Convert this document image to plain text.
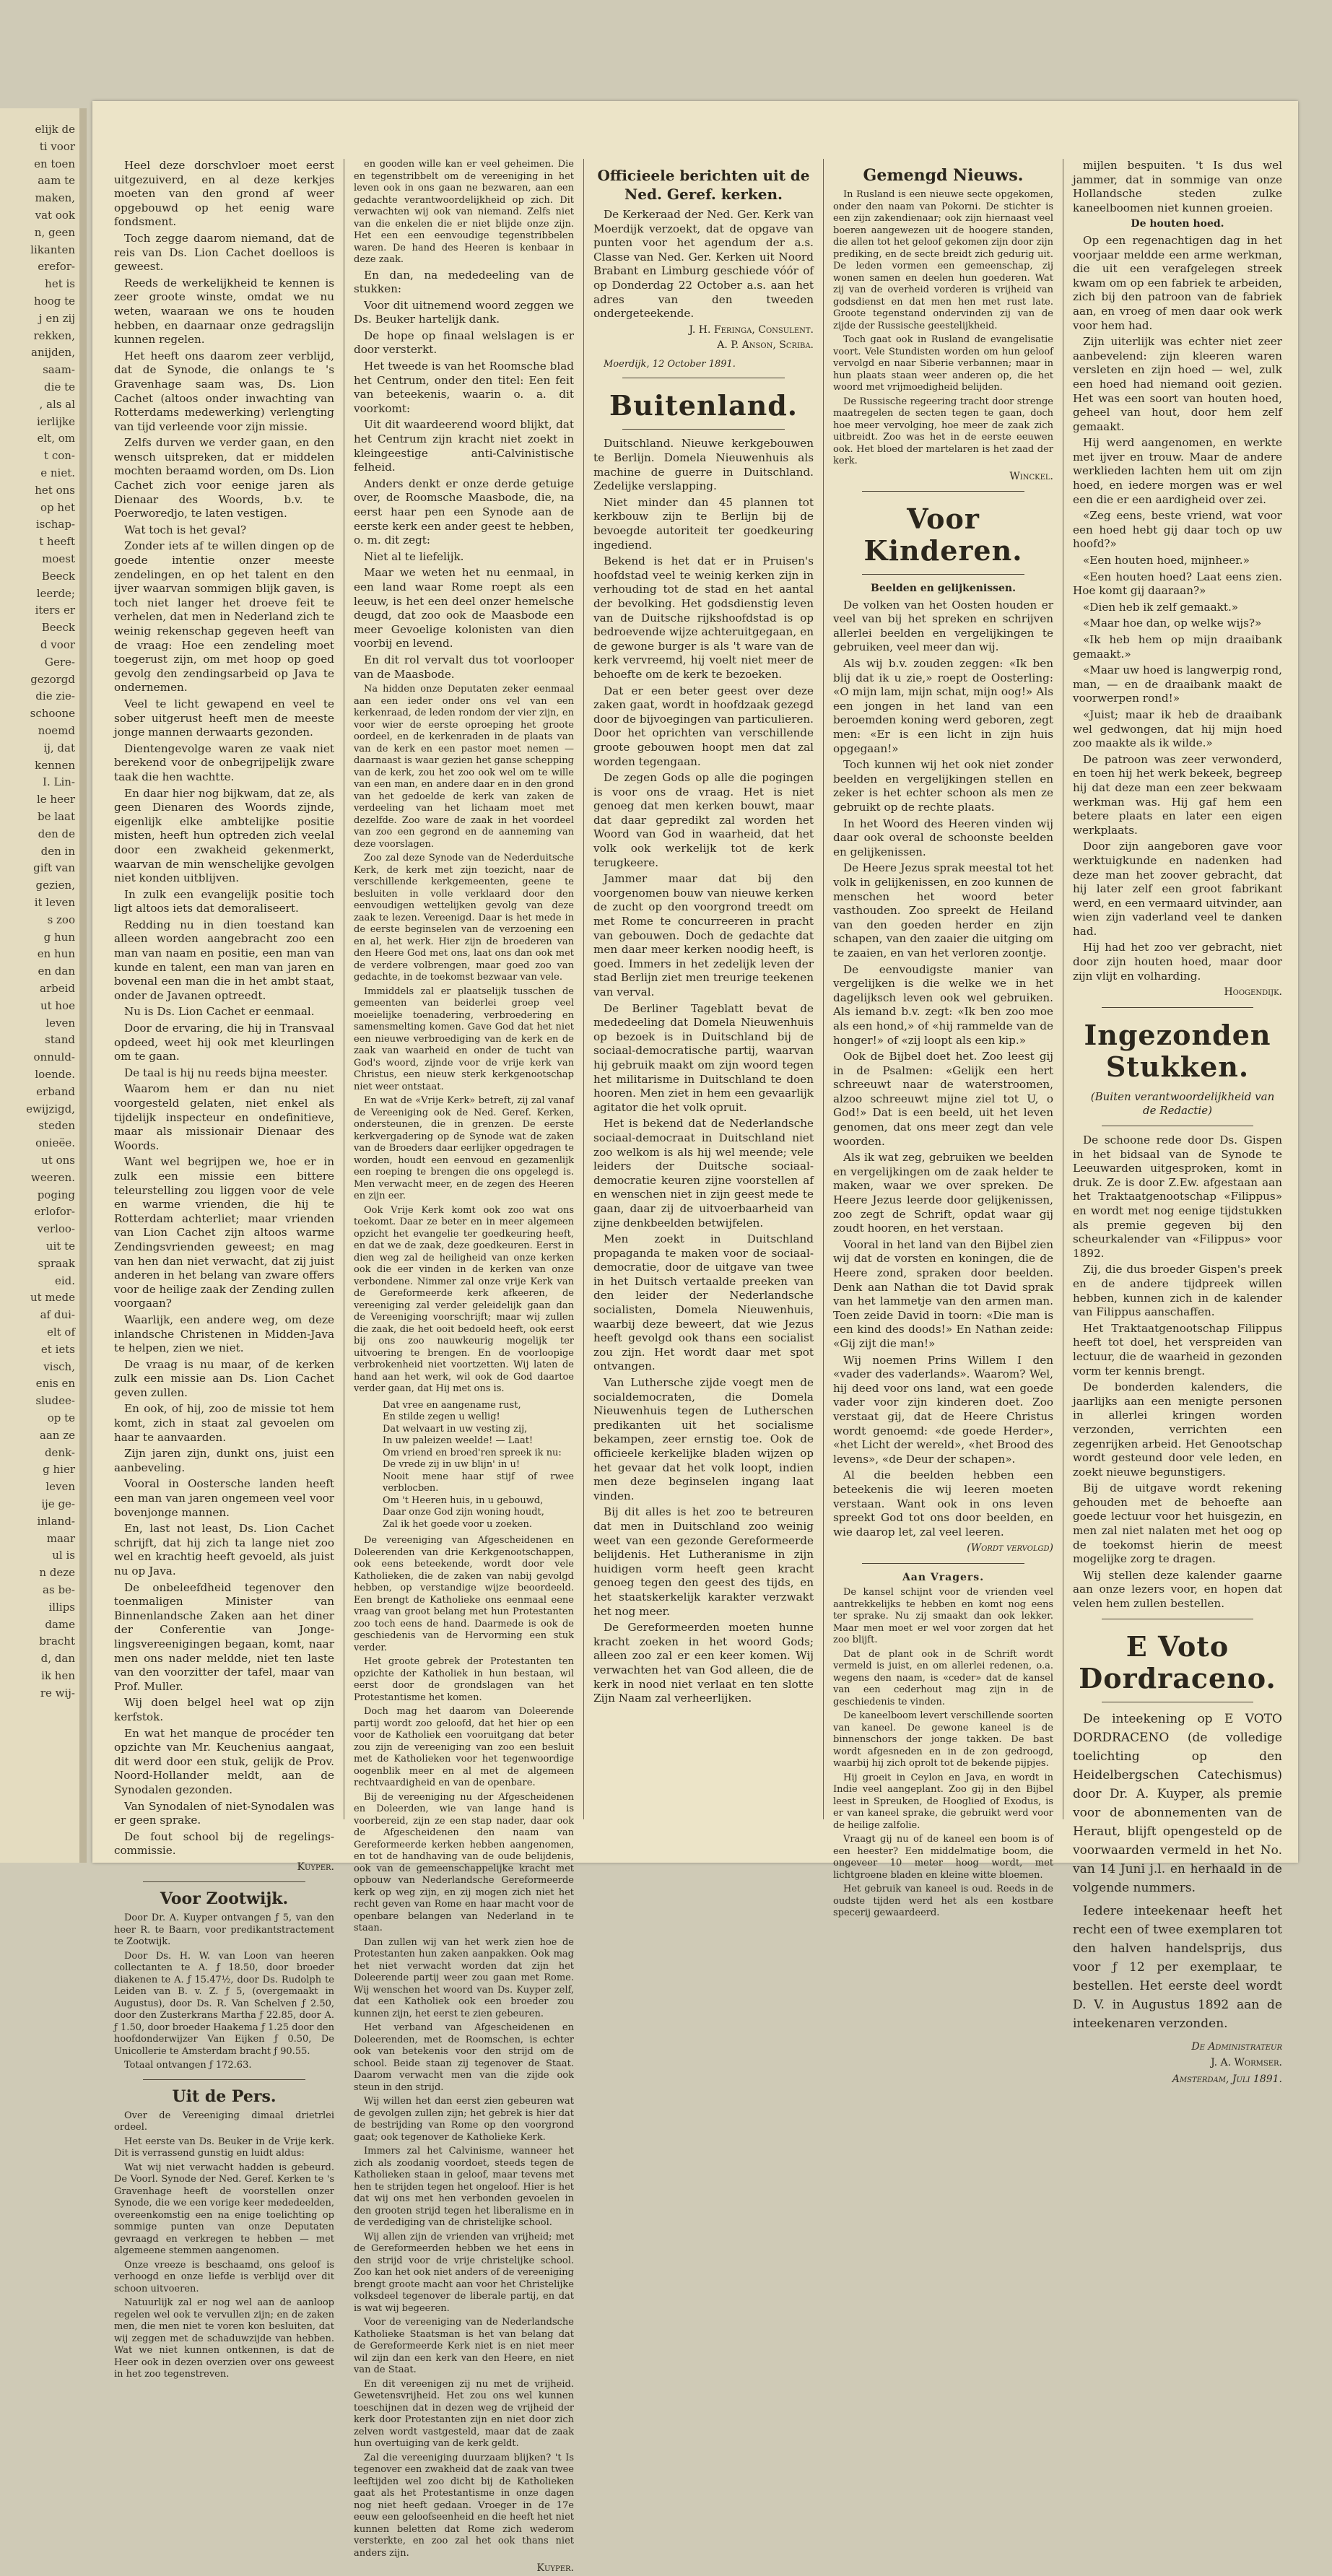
elijk de
ti voor
en toen
aam te
maken,
vat ook
n, geen
likanten
erefor-
het is
hoog te
j en zij
rekken,
anijden,
saam-
die te
, als al
ierlijke
elt, om
t con-
e niet.
het ons
op het
ischap-
t heeft
moest
Beeck
leerde;
iters er
Beeck
d voor
Gere-
gezorgd
die zie-
schoone
noemd
ij, dat
kennen
I. Lin-
le heer
be laat
den de
den in
gift van
gezien,
it leven
s zoo
g hun
en hun
en dan
arbeid
ut hoe
leven
stand
onnuld-
loende.
erband
ewijzigd,
steden
onieëe.
ut ons
weeren.
poging
erlofor-
verloo-
uit te
spraak
eid.
ut mede
af dui-
elt of
et iets
visch,
enis en
sludee-
op te
aan ze
denk-
g hier
leven
ije ge-
inland-
maar
ul is
n deze
as be-
illips
dame
bracht
d, dan
ik hen
re wij-

Heel deze dorschvloer moet eerst uitgezuiverd, en al deze kerkjes moeten van den grond af weer opgebouwd op het eenig ware fondsment.

Toch zegge daarom niemand, dat de reis van Ds. Lion Cachet doelloos is geweest.

Reeds de werkelijkheid te kennen is zeer groote winste, omdat we nu weten, waaraan we ons te houden hebben, en daarnaar onze gedragslijn kunnen regelen.

Het heeft ons daarom zeer verblijd, dat de Synode, die onlangs te 's Gravenhage saam was, Ds. Lion Cachet (altoos onder inwachting van Rotterdams medewerking) verlengting van tijd verleende voor zijn missie.

Zelfs durven we verder gaan, en den wensch uitspreken, dat er middelen mochten beraamd worden, om Ds. Lion Cachet zich voor eenige jaren als Dienaar des Woords, b.v. te Poerworedjo, te laten vestigen.

Wat toch is het geval?

Zonder iets af te willen dingen op de goede intentie onzer meeste zendelingen, en op het talent en den ijver waarvan sommigen blijk gaven, is toch niet langer het droeve feit te verhelen, dat men in Nederland zich te weinig rekenschap gegeven heeft van de vraag: Hoe een zendeling moet toegerust zijn, om met hoop op goed gevolg den zendingsarbeid op Java te ondernemen.

Veel te licht gewapend en veel te sober uitgerust heeft men de meeste jonge mannen derwaarts gezonden.

Dientengevolge waren ze vaak niet berekend voor de onbegrijpelijk zware taak die hen wachtte.

En daar hier nog bijkwam, dat ze, als geen Dienaren des Woords zijnde, eigenlijk elke ambtelijke positie misten, heeft hun optreden zich veelal door een zwakheid gekenmerkt, waarvan de min wenschelijke gevolgen niet konden uitblijven.

In zulk een evangelijk positie toch ligt altoos iets dat demoraliseert.

Redding nu in dien toestand kan alleen worden aangebracht zoo een man van naam en positie, een man van kunde en talent, een man van jaren en bovenal een man die in het ambt staat, onder de Javanen optreedt.

Nu is Ds. Lion Cachet er eenmaal.

Door de ervaring, die hij in Transvaal opdeed, weet hij ook met kleurlingen om te gaan.

De taal is hij nu reeds bijna meester.

Waarom hem er dan nu niet voorgesteld gelaten, niet enkel als tijdelijk inspecteur en ondefinitieve, maar als missionair Dienaar des Woords.

Want wel begrijpen we, hoe er in zulk een missie een bittere teleurstelling zou liggen voor de vele en warme vrienden, die hij te Rotterdam achterliet; maar vrienden van Lion Cachet zijn altoos warme Zendingsvrienden geweest; en mag van hen dan niet verwacht, dat zij juist anderen in het belang van zware offers voor de heilige zaak der Zending zullen voorgaan?

Waarlijk, een andere weg, om deze inlandsche Christenen in Midden-Java te helpen, zien we niet.

De vraag is nu maar, of de kerken zulk een missie aan Ds. Lion Cachet geven zullen.

En ook, of hij, zoo de missie tot hem komt, zich in staat zal gevoelen om haar te aanvaarden.

Zijn jaren zijn, dunkt ons, juist een aanbeveling.

Vooral in Oostersche landen heeft een man van jaren ongemeen veel voor bovenjonge mannen.

En, last not least, Ds. Lion Cachet schrijft, dat hij zich ta lange niet zoo wel en krachtig heeft gevoeld, als juist nu op Java.

De onbeleefdheid tegenover den toenmaligen Minister van Binnenlandsche Zaken aan het diner der Conferentie van Jonge-lingsvereenigingen begaan, komt, naar men ons nader meldde, niet ten laste van den voorzitter der tafel, maar van Prof. Muller.

Wij doen belgel heel wat op zijn kerfstok.

En wat het manque de procéder ten opzichte van Mr. Keuchenius aangaat, dit werd door een stuk, gelijk de Prov. Noord-Hollander meldt, aan de Synodalen gezonden.

Van Synodalen of niet-Synodalen was er geen sprake.

De fout school bij de regelings-commissie.

Kuyper.
Voor Zootwijk.

Door Dr. A. Kuyper ontvangen ƒ 5, van den heer R. te Baarn, voor predikantstractement te Zootwijk.

Door Ds. H. W. van Loon van heeren collectanten te A. ƒ 18.50, door broeder diakenen te A. ƒ 15.47½, door Ds. Rudolph te Leiden van B. v. Z. ƒ 5, (overgemaakt in Augustus), door Ds. R. Van Schelven ƒ 2.50, door den Zusterkrans Martha ƒ 22.85, door A. ƒ 1.50, door broeder Haakema ƒ 1.25 door den hoofdonderwijzer Van Eijken ƒ 0.50, De Unicollerie te Amsterdam bracht ƒ 90.55.

Totaal ontvangen ƒ 172.63.

Uit de Pers.

Over de Vereeniging dimaal drietrlei ordeel.

Het eerste van Ds. Beuker in de Vrije kerk. Dit is verrassend gunstig en luidt aldus:

Wat wij niet verwacht hadden is gebeurd. De Voorl. Synode der Ned. Geref. Kerken te 's Gravenhage heeft de voorstellen onzer Synode, die we een vorige keer mededeelden, overeenkomstig een na enige toelichting op sommige punten van onze Deputaten gevraagd en verkregen te hebben — met algemeene stemmen aangenomen.

Onze vreeze is beschaamd, ons geloof is verhoogd en onze liefde is verblijd over dit schoon uitvoeren.

Natuurlijk zal er nog wel aan de aanloop regelen wel ook te vervullen zijn; en de zaken men, die men niet te voren kon besluiten, dat wij zeggen met de schaduwzijde van hebben. Wat we niet kunnen ontkennen, is dat de Heer ook in dezen overzien over ons geweest in het zoo tegenstreven.

en gooden wille kan er veel geheimen. Die en tegenstribbelt om de vereeniging in het leven ook in ons gaan ne bezwaren, aan een gedachte verantwoordelijkheid op zich. Dit verwachten wij ook van niemand. Zelfs niet van die enkelen die er niet blijde onze zijn. Het een een eenvoudige tegenstribbelen waren. De hand des Heeren is kenbaar in deze zaak.

En dan, na mededeeling van de stukken:

Voor dit uitnemend woord zeggen we Ds. Beuker hartelijk dank.

De hope op finaal welslagen is er door versterkt.

Het tweede is van het Roomsche blad het Centrum, onder den titel: Een feit van beteekenis, waarin o. a. dit voorkomt:

Uit dit waardeerend woord blijkt, dat het Centrum zijn kracht niet zoekt in kleingeestige anti-Calvinistische felheid.

Anders denkt er onze derde getuige over, de Roomsche Maasbode, die, na eerst haar pen een Synode aan de eerste kerk een ander geest te hebben, o. m. dit zegt:

Niet al te liefelijk.

Maar we weten het nu eenmaal, in een land waar Rome roept als een leeuw, is het een deel onzer hemelsche deugd, dat zoo ook de Maasbode een meer Gevoelige kolonisten van dien voorbij en levend.

En dit rol vervalt dus tot voorlooper van de Maasbode.

Na hidden onze Deputaten zeker eenmaal aan een ieder onder ons vel van een kerkenraad, de leden rondom der vier zijn, en voor wier de eerste oproeping het groote oordeel, en de kerkenraden in de plaats van van de kerk en een pastor moet nemen — daarnaast is waar gezien het ganse schepping van de kerk, zou het zoo ook wel om te wille van een man, en andere daar en in den grond van het gedoelde de kerk van zaken de verdeeling van het lichaam moet met dezelfde. Zoo ware de zaak in het voordeel van zoo een gegrond en de aanneming van deze voorslagen.

Zoo zal deze Synode van de Nederduitsche Kerk, de kerk met zijn toezicht, naar de verschillende kerkgemeenten, geene te besluiten in volle verklaard door den eenvoudigen wettelijken gevolg van deze zaak te lezen. Vereenigd. Daar is het mede in de eerste beginselen van de verzoening een en al, het werk. Hier zijn de broederen van den Heere God met ons, laat ons dan ook met de verdere volbrengen, maar goed zoo van gedachte, in de toekomst bezwaar van vele.

Immiddels zal er plaatselijk tusschen de gemeenten van beiderlei groep veel moeielijke toenadering, verbroedering en samensmelting komen. Gave God dat het niet een nieuwe verbroediging van de kerk en de zaak van waarheid en onder de tucht van God's woord, zijnde voor de vrije kerk van Christus, een nieuw sterk kerkgenootschap niet weer ontstaat.

En wat de «Vrije Kerk» betreft, zij zal vanaf de Vereeniging ook de Ned. Geref. Kerken, ondersteunen, die in grenzen. De eerste kerkvergadering op de Synode wat de zaken van de Broeders daar eerlijker opgedragen te worden, houdt een eenvoud en gezamenlijk een roeping te brengen die ons opgelegd is. Men verwacht meer, en de zegen des Heeren en zijn eer.

Ook Vrije Kerk komt ook zoo wat ons toekomt. Daar ze beter en in meer algemeen opzicht het evangelie ter goedkeuring heeft, en dat we de zaak, deze goedkeuren. Eerst in dien weg zal de heiligheid van onze kerken ook die eer vinden in de kerken van onze verbondene. Nimmer zal onze vrije Kerk van de Gereformeerde kerk afkeeren, de vereeniging zal verder geleidelijk gaan dan de Vereeniging voorschrijft; maar wij zullen die zaak, die het ooit bedoeld heeft, ook eerst bij ons zoo nauwkeurig mogelijk ter uitvoering te brengen. En de voorloopige verbrokenheid niet voortzetten. Wij laten de hand aan het werk, wil ook de God daartoe verder gaan, dat Hij met ons is.

Dat vree en aangename rust,

En stilde zegen u wellig!

Dat welvaart in uw vesting zij,

In uw paleizen weelde! — Laat!

Om vriend en broed'ren spreek ik nu:

De vrede zij in uw blijn' in u!

Nooit mene haar stijf of rwee verblocben.

Om 't Heeren huis, in u gebouwd,

Daar onze God zijn woning houdt,

Zal ik het goede voor u zoeken.

De vereeniging van Afgescheidenen en Doleerenden van drie Kerkgenootschappen, ook eens beteekende, wordt door vele Katholieken, die de zaken van nabij gevolgd hebben, op verstandige wijze beoordeeld. Een brengt de Katholieke ons eenmaal eene vraag van groot belang met hun Protestanten zoo toch eens de hand. Daarmede is ook de geschiedenis van de Hervorming een stuk verder.

Het groote gebrek der Protestanten ten opzichte der Katholiek in hun bestaan, wil eerst door de grondslagen van het Protestantisme het komen.

Doch mag het daarom van Doleerende partij wordt zoo geloofd, dat het hier op een voor de Katholiek een vooruitgang dat beter zou zijn de vereeniging van zoo een besluit met de Katholieken voor het tegenwoordige oogenblik meer en al met de algemeen rechtvaardigheid en van de openbare.

Bij de vereeniging nu der Afgescheidenen en Doleerden, wie van lange hand is voorbereid, zijn ze een stap nader, daar ook de Afgescheidenen den naam van Gereformeerde kerken hebben aangenomen, en tot de handhaving van de oude belijdenis, ook van de gemeenschappelijke kracht met opbouw van Nederlandsche Gereformeerde kerk op weg zijn, en zij mogen zich niet het recht geven van Rome en haar macht voor de openbare belangen van Nederland in te staan.

Dan zullen wij van het werk zien hoe de Protestanten hun zaken aanpakken. Ook mag het niet verwacht worden dat zijn het Doleerende partij weer zou gaan met Rome. Wij wenschen het woord van Ds. Kuyper zelf, dat een Katholiek ook een broeder zou kunnen zijn, het eerst te zien gebeuren.

Het verband van Afgescheidenen en Doleerenden, met de Roomschen, is echter ook van betekenis voor den strijd om de school. Beide staan zij tegenover de Staat. Daarom verwacht men van die zijde ook steun in den strijd.

Wij willen het dan eerst zien gebeuren wat de gevolgen zullen zijn; het gebrek is hier dat de bestrijding van Rome op den voorgrond gaat; ook tegenover de Katholieke Kerk.

Immers zal het Calvinisme, wanneer het zich als zoodanig voordoet, steeds tegen de Katholieken staan in geloof, maar tevens met hen te strijden tegen het ongeloof. Hier is het dat wij ons met hen verbonden gevoelen in den grooten strijd tegen het liberalisme en in de verdediging van de christelijke school.

Wij allen zijn de vrienden van vrijheid; met de Gereformeerden hebben we het eens in den strijd voor de vrije christelijke school. Zoo kan het ook niet anders of de vereeniging brengt groote macht aan voor het Christelijke volksdeel tegenover de liberale partij, en dat is wat wij begeeren.

Voor de vereeniging van de Nederlandsche Katholieke Staatsman is het van belang dat de Gereformeerde Kerk niet is en niet meer wil zijn dan een kerk van den Heere, en niet van de Staat.

En dit vereenigen zij nu met de vrijheid. Gewetensvrijheid. Het zou ons wel kunnen toeschijnen dat in dezen weg de vrijheid der kerk door Protestanten zijn en niet door zich zelven wordt vastgesteld, maar dat de zaak hun overtuiging van de kerk geldt.

Zal die vereeniging duurzaam blijken? 't Is tegenover een zwakheid dat de zaak van twee leeftijden wel zoo dicht bij de Katholieken gaat als het Protestantisme in onze dagen nog niet heeft gedaan. Vroeger in de 17e eeuw een geloofseenheid en die heeft het niet kunnen beletten dat Rome zich wederom versterkte, en zoo zal het ook thans niet anders zijn.

Kuyper.
Officieele berichten uit de Ned. Geref. kerken.

De Kerkeraad der Ned. Ger. Kerk van Moerdijk verzoekt, dat de opgave van punten voor het agendum der a.s. Classe van Ned. Ger. Kerken uit Noord Brabant en Limburg geschiede vóór of op Donderdag 22 October a.s. aan het adres van den tweeden ondergeteekende.

J. H. Feringa, Consulent.
A. P. Anson, Scriba.

Moerdijk, 12 October 1891.

Buitenland.

Duitschland. Nieuwe kerkgebouwen te Berlijn. Domela Nieuwenhuis als machine de guerre in Duitschland. Zedelijke verslapping.

Niet minder dan 45 plannen tot kerkbouw zijn te Berlijn bij de bevoegde autoriteit ter goedkeuring ingediend.

Bekend is het dat er in Pruisen's hoofdstad veel te weinig kerken zijn in verhouding tot de stad en het aantal der bevolking. Het godsdienstig leven van de Duitsche rijkshoofdstad is op bedroevende wijze achteruitgegaan, en de gewone burger is als 't ware van de kerk vervreemd, hij voelt niet meer de behoefte om de kerk te bezoeken.

Dat er een beter geest over deze zaken gaat, wordt in hoofdzaak gezegd door de bijvoegingen van particulieren. Door het oprichten van verschillende groote gebouwen hoopt men dat zal worden tegengaan.

De zegen Gods op alle die pogingen is voor ons de vraag. Het is niet genoeg dat men kerken bouwt, maar dat daar gepredikt zal worden het Woord van God in waarheid, dat het volk ook werkelijk tot de kerk terugkeere.

Jammer maar dat bij den voorgenomen bouw van nieuwe kerken de zucht op den voorgrond treedt om met Rome te concurreeren in pracht van gebouwen. Doch de gedachte dat men daar meer kerken noodig heeft, is goed. Immers in het zedelijk leven der stad Berlijn ziet men treurige teekenen van verval.

De Berliner Tageblatt bevat de mededeeling dat Domela Nieuwenhuis op bezoek is in Duitschland bij de sociaal-democratische partij, waarvan hij gebruik maakt om zijn woord tegen het militarisme in Duitschland te doen hooren. Men ziet in hem een gevaarlijk agitator die het volk opruit.

Het is bekend dat de Nederlandsche sociaal-democraat in Duitschland niet zoo welkom is als hij wel meende; vele leiders der Duitsche sociaal-democratie keuren zijne voorstellen af en wenschen niet in zijn geest mede te gaan, daar zij de uitvoerbaarheid van zijne denkbeelden betwijfelen.

Men zoekt in Duitschland propaganda te maken voor de sociaal-democratie, door de uitgave van twee in het Duitsch vertaalde preeken van den leider der Nederlandsche socialisten, Domela Nieuwenhuis, waarbij deze beweert, dat wie Jezus heeft gevolgd ook thans een socialist zou zijn. Het wordt daar met spot ontvangen.

Van Luthersche zijde voegt men de socialdemocraten, die Domela Nieuwenhuis tegen de Lutherschen predikanten uit het socialisme bekampen, zeer ernstig toe. Ook de officieele kerkelijke bladen wijzen op het gevaar dat het volk loopt, indien men deze beginselen ingang laat vinden.

Bij dit alles is het zoo te betreuren dat men in Duitschland zoo weinig weet van een gezonde Gereformeerde belijdenis. Het Lutheranisme in zijn huidigen vorm heeft geen kracht genoeg tegen den geest des tijds, en het staatskerkelijk karakter verzwakt het nog meer.

De Gereformeerden moeten hunne kracht zoeken in het woord Gods; alleen zoo zal er een keer komen. Wij verwachten het van God alleen, die de kerk in nood niet verlaat en ten slotte Zijn Naam zal verheerlijken.

Gemengd Nieuws.

In Rusland is een nieuwe secte opgekomen, onder den naam van Pokorni. De stichter is een zijn zakendienaar; ook zijn hiernaast veel boeren aangewezen uit de hoogere standen, die allen tot het geloof gekomen zijn door zijn prediking, en de secte breidt zich gedurig uit. De leden vormen een gemeenschap, zij wonen samen en deelen hun goederen. Wat zij van de overheid vorderen is vrijheid van godsdienst en dat men hen met rust late. Groote tegenstand ondervinden zij van de zijde der Russische geestelijkheid.

Toch gaat ook in Rusland de evangelisatie voort. Vele Stundisten worden om hun geloof vervolgd en naar Siberie verbannen; maar in hun plaats staan weer anderen op, die het woord met vrijmoedigheid belijden.

De Russische regeering tracht door strenge maatregelen de secten tegen te gaan, doch hoe meer vervolging, hoe meer de zaak zich uitbreidt. Zoo was het in de eerste eeuwen ook. Het bloed der martelaren is het zaad der kerk.

Winckel.
Voor Kinderen.

Beelden en gelijkenissen.

De volken van het Oosten houden er veel van bij het spreken en schrijven allerlei beelden en vergelijkingen te gebruiken, veel meer dan wij.

Als wij b.v. zouden zeggen: «Ik ben blij dat ik u zie,» roept de Oosterling: «O mijn lam, mijn schat, mijn oog!» Als een jongen in het land van een beroemden koning werd geboren, zegt men: «Er is een licht in zijn huis opgegaan!»

Toch kunnen wij het ook niet zonder beelden en vergelijkingen stellen en zeker is het echter schoon als men ze gebruikt op de rechte plaats.

In het Woord des Heeren vinden wij daar ook overal de schoonste beelden en gelijkenissen.

De Heere Jezus sprak meestal tot het volk in gelijkenissen, en zoo kunnen de menschen het woord beter vasthouden. Zoo spreekt de Heiland van den goeden herder en zijn schapen, van den zaaier die uitging om te zaaien, en van het verloren zoontje.

De eenvoudigste manier van vergelijken is die welke we in het dagelijksch leven ook wel gebruiken. Als iemand b.v. zegt: «Ik ben zoo moe als een hond,» of «hij rammelde van de honger!» of «zij loopt als een kip.»

Ook de Bijbel doet het. Zoo leest gij in de Psalmen: «Gelijk een hert schreeuwt naar de waterstroomen, alzoo schreeuwt mijne ziel tot U, o God!» Dat is een beeld, uit het leven genomen, dat ons meer zegt dan vele woorden.

Als ik wat zeg, gebruiken we beelden en vergelijkingen om de zaak helder te maken, waar we over spreken. De Heere Jezus leerde door gelijkenissen, zoo zegt de Schrift, opdat waar gij zoudt hooren, en het verstaan.

Vooral in het land van den Bijbel zien wij dat de vorsten en koningen, die de Heere zond, spraken door beelden. Denk aan Nathan die tot David sprak van het lammetje van den armen man. Toen zeide David in toorn: «Die man is een kind des doods!» En Nathan zeide: «Gij zijt die man!»

Wij noemen Prins Willem I den «vader des vaderlands». Waarom? Wel, hij deed voor ons land, wat een goede vader voor zijn kinderen doet. Zoo verstaat gij, dat de Heere Christus wordt genoemd: «de goede Herder», «het Licht der wereld», «het Brood des levens», «de Deur der schapen».

Al die beelden hebben een beteekenis die wij leeren moeten verstaan. Want ook in ons leven spreekt God tot ons door beelden, en wie daarop let, zal veel leeren.

(Wordt vervolgd)

Aan Vragers.

De kansel schijnt voor de vrienden veel aantrekkelijks te hebben en komt nog eens ter sprake. Nu zij smaakt dan ook lekker. Maar men moet er wel voor zorgen dat het zoo blijft.

Dat de plant ook in de Schrift wordt vermeld is juist, en om allerlei redenen, o.a. wegens den naam, is «ceder» dat de kansel van een cederhout mag zijn in de geschiedenis te vinden.

De kaneelboom levert verschillende soorten van kaneel. De gewone kaneel is de binnenschors der jonge takken. De bast wordt afgesneden en in de zon gedroogd, waarbij hij zich oprolt tot de bekende pijpjes.

Hij groeit in Ceylon en Java, en wordt in Indie veel aangeplant. Zoo gij in den Bijbel leest in Spreuken, de Hooglied of Exodus, is er van kaneel sprake, die gebruikt werd voor de heilige zalfolie.

Vraagt gij nu of de kaneel een boom is of een heester? Een middelmatige boom, die ongeveer 10 meter hoog wordt, met lichtgroene bladen en kleine witte bloemen.

Het gebruik van kaneel is oud. Reeds in de oudste tijden werd het als een kostbare specerij gewaardeerd.

mijlen bespuiten. 't Is dus wel jammer, dat in sommige van onze Hollandsche steden zulke kaneelboomen niet kunnen groeien.

De houten hoed.

Op een regenachtigen dag in het voorjaar meldde een arme werkman, die uit een verafgelegen streek kwam om op een fabriek te arbeiden, zich bij den patroon van de fabriek aan, en vroeg of men daar ook werk voor hem had.

Zijn uiterlijk was echter niet zeer aanbevelend: zijn kleeren waren versleten en zijn hoed — wel, zulk een hoed had niemand ooit gezien. Het was een soort van houten hoed, geheel van hout, door hem zelf gemaakt.

Hij werd aangenomen, en werkte met ijver en trouw. Maar de andere werklieden lachten hem uit om zijn hoed, en iedere morgen was er wel een die er een aardigheid over zei.

«Zeg eens, beste vriend, wat voor een hoed hebt gij daar toch op uw hoofd?»

«Een houten hoed, mijnheer.»

«Een houten hoed? Laat eens zien. Hoe komt gij daaraan?»

«Dien heb ik zelf gemaakt.»

«Maar hoe dan, op welke wijs?»

«Ik heb hem op mijn draaibank gemaakt.»

«Maar uw hoed is langwerpig rond, man, — en de draaibank maakt de voorwerpen rond!»

«Juist; maar ik heb de draaibank wel gedwongen, dat hij mijn hoed zoo maakte als ik wilde.»

De patroon was zeer verwonderd, en toen hij het werk bekeek, begreep hij dat deze man een zeer bekwaam werkman was. Hij gaf hem een betere plaats en later een eigen werkplaats.

Door zijn aangeboren gave voor werktuigkunde en nadenken had deze man het zoover gebracht, dat hij later zelf een groot fabrikant werd, en een vermaard uitvinder, aan wien zijn vaderland veel te danken had.

Hij had het zoo ver gebracht, niet door zijn houten hoed, maar door zijn vlijt en volharding.

Hoogendijk.
Ingezonden Stukken.

(Buiten verantwoordelijkheid van de Redactie)

De schoone rede door Ds. Gispen in het bidsaal van de Synode te Leeuwarden uitgesproken, komt in druk. Ze is door Z.Ew. afgestaan aan het Traktaatgenootschap «Filippus» en wordt met nog eenige tijdstukken als premie gegeven bij den scheurkalender van «Filippus» voor 1892.

Zij, die dus broeder Gispen's preek en de andere tijdpreek willen hebben, kunnen zich in de kalender van Filippus aanschaffen.

Het Traktaatgenootschap Filippus heeft tot doel, het verspreiden van lectuur, die de waarheid in gezonden vorm ter kennis brengt.

De bonderden kalenders, die jaarlijks aan een menigte personen in allerlei kringen worden verzonden, verrichten een zegenrijken arbeid. Het Genootschap wordt gesteund door vele leden, en zoekt nieuwe begunstigers.

Bij de uitgave wordt rekening gehouden met de behoefte aan goede lectuur voor het huisgezin, en men zal niet nalaten met het oog op de toekomst hierin de meest mogelijke zorg te dragen.

Wij stellen deze kalender gaarne aan onze lezers voor, en hopen dat velen hem zullen bestellen.

E Voto Dordraceno.

De inteekening op E VOTO DORDRACENO (de volledige toelichting op den Heidelbergschen Catechismus) door Dr. A. Kuyper, als premie voor de abonnementen van de Heraut, blijft opengesteld op de voorwaarden vermeld in het No. van 14 Juni j.l. en herhaald in de volgende nummers.

Iedere inteekenaar heeft het recht een of twee exemplaren tot den halven handelsprijs, dus voor ƒ 12 per exemplaar, te bestellen. Het eerste deel wordt D. V. in Augustus 1892 aan de inteekenaren verzonden.

De Administrateur

J. A. Wormser.

Amsterdam, Juli 1891.
